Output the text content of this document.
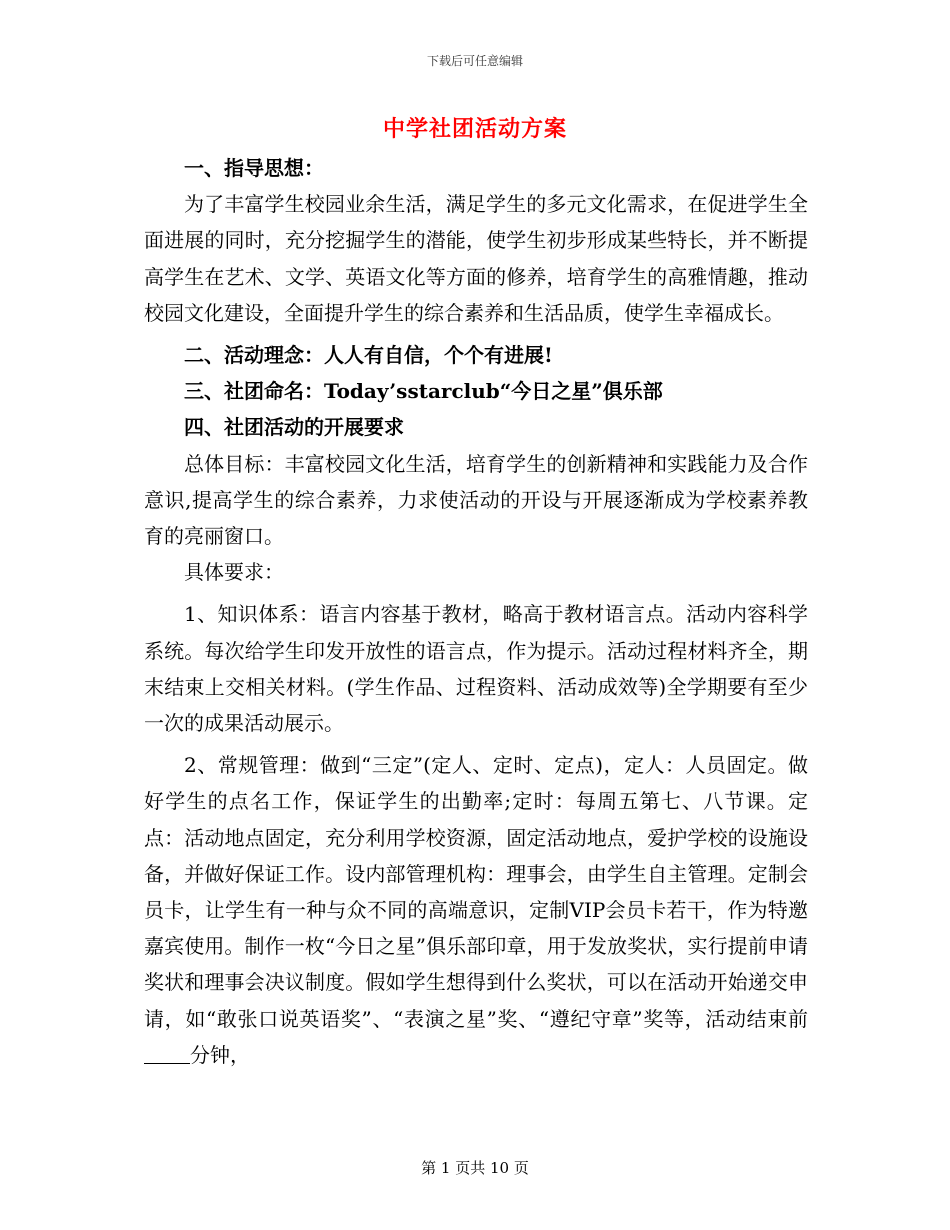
下载后可任意编辑
中学社团活动方案

一、指导思想：

为了丰富学生校园业余生活，满足学生的多元文化需求，在促进学生全面进展的同时，充分挖掘学生的潜能，使学生初步形成某些特长，并不断提高学生在艺术、文学、英语文化等方面的修养，培育学生的高雅情趣，推动校园文化建设，全面提升学生的综合素养和生活品质，使学生幸福成长。

二、活动理念：人人有自信，个个有进展!

三、社团命名：Today’sstarclub“今日之星”俱乐部

四、社团活动的开展要求

总体目标：丰富校园文化生活，培育学生的创新精神和实践能力及合作意识,提高学生的综合素养，力求使活动的开设与开展逐渐成为学校素养教育的亮丽窗口。

具体要求：

1、知识体系：语言内容基于教材，略高于教材语言点。活动内容科学系统。每次给学生印发开放性的语言点，作为提示。活动过程材料齐全，期末结束上交相关材料。(学生作品、过程资料、活动成效等)全学期要有至少一次的成果活动展示。

2、常规管理：做到“三定”(定人、定时、定点)，定人：人员固定。做好学生的点名工作，保证学生的出勤率;定时：每周五第七、八节课。定点：活动地点固定，充分利用学校资源，固定活动地点，爱护学校的设施设备，并做好保证工作。设内部管理机构：理事会，由学生自主管理。定制会员卡，让学生有一种与众不同的高端意识，定制VIP会员卡若干，作为特邀嘉宾使用。制作一枚“今日之星”俱乐部印章，用于发放奖状，实行提前申请奖状和理事会决议制度。假如学生想得到什么奖状，可以在活动开始递交申请，如“敢张口说英语奖”、“表演之星”奖、“遵纪守章”奖等，活动结束前分钟，

第 1 页共 10 页
